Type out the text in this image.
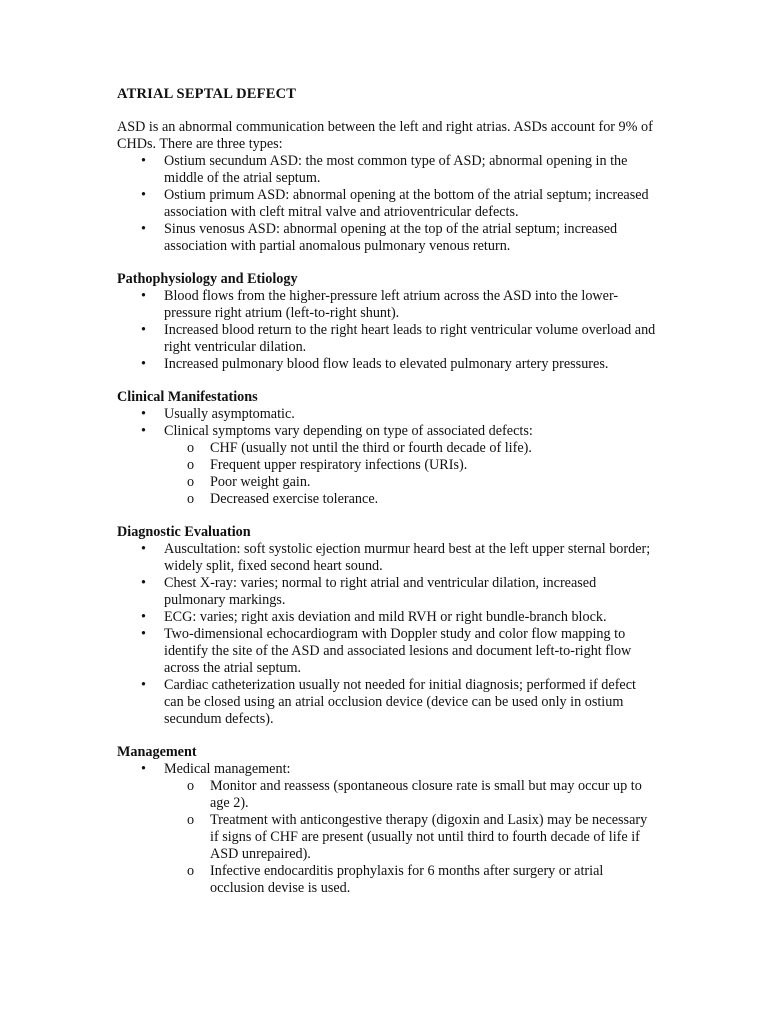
ATRIAL SEPTAL DEFECT

ASD is an abnormal communication between the left and right atrias. ASDs account for 9% of CHDs. There are three types:

• Ostium secundum ASD: the most common type of ASD; abnormal opening in the middle of the atrial septum.
• Ostium primum ASD: abnormal opening at the bottom of the atrial septum; increased association with cleft mitral valve and atrioventricular defects.
• Sinus venosus ASD: abnormal opening at the top of the atrial septum; increased association with partial anomalous pulmonary venous return.
Pathophysiology and Etiology
• Blood flows from the higher-pressure left atrium across the ASD into the lower-pressure right atrium (left-to-right shunt).
• Increased blood return to the right heart leads to right ventricular volume overload and right ventricular dilation.
• Increased pulmonary blood flow leads to elevated pulmonary artery pressures.
Clinical Manifestations
• Usually asymptomatic.
• Clinical symptoms vary depending on type of associated defects:
o CHF (usually not until the third or fourth decade of life).
o Frequent upper respiratory infections (URIs).
o Poor weight gain.
o Decreased exercise tolerance.
Diagnostic Evaluation
• Auscultation: soft systolic ejection murmur heard best at the left upper sternal border; widely split, fixed second heart sound.
• Chest X-ray: varies; normal to right atrial and ventricular dilation, increased pulmonary markings.
• ECG: varies; right axis deviation and mild RVH or right bundle-branch block.
• Two-dimensional echocardiogram with Doppler study and color flow mapping to identify the site of the ASD and associated lesions and document left-to-right flow across the atrial septum.
• Cardiac catheterization usually not needed for initial diagnosis; performed if defect can be closed using an atrial occlusion device (device can be used only in ostium secundum defects).
Management
• Medical management:
o Monitor and reassess (spontaneous closure rate is small but may occur up to age 2).
o Treatment with anticongestive therapy (digoxin and Lasix) may be necessary if signs of CHF are present (usually not until third to fourth decade of life if ASD unrepaired).
o Infective endocarditis prophylaxis for 6 months after surgery or atrial occlusion devise is used.
